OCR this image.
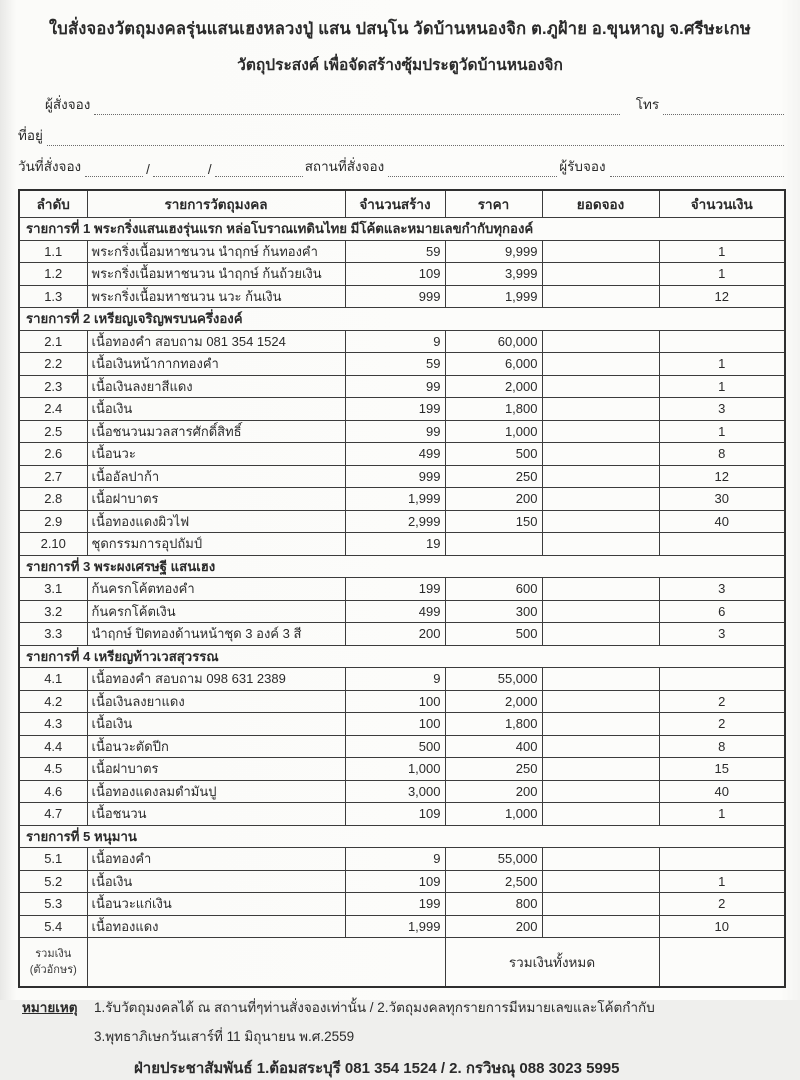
ใบสั่งจองวัตถุมงคลรุ่นแสนเฮงหลวงปู่ แสน ปสนฺโน วัดบ้านหนองจิก ต.ภูฝ้าย อ.ขุนหาญ จ.ศรีษะเกษ
วัตถุประสงค์ เพื่อจัดสร้างซุ้มประตูวัดบ้านหนองจิก
ผู้สั่งจอง	โทร
ที่อยู่
วันที่สั่งจอง	/	/	สถานที่สั่งจอง	ผู้รับจอง
ลำดับ	รายการวัตถุมงคล	จำนวนสร้าง	ราคา	ยอดจอง	จำนวนเงิน
รายการที่ 1 พระกริ่งแสนเฮงรุ่นแรก หล่อโบราณเทดินไทย มีโค้ตและหมายเลขกำกับทุกองค์					
1.1	พระกริ่งเนื้อมหาชนวน นำฤกษ์ ก้นทองคำ	59	9,999		1
1.2	พระกริ่งเนื้อมหาชนวน นำฤกษ์ ก้นถ้วยเงิน	109	3,999		1
1.3	พระกริ่งเนื้อมหาชนวน นวะ ก้นเงิน	999	1,999		12
รายการที่ 2 เหรียญเจริญพรบนครึ่งองค์					
2.1	เนื้อทองคำ สอบถาม 081 354 1524	9	60,000		
2.2	เนื้อเงินหน้ากากทองคำ	59	6,000		1
2.3	เนื้อเงินลงยาสีแดง	99	2,000		1
2.4	เนื้อเงิน	199	1,800		3
2.5	เนื้อชนวนมวลสารศักดิ์สิทธิ์	99	1,000		1
2.6	เนื้อนวะ	499	500		8
2.7	เนื้ออัลปาก้า	999	250		12
2.8	เนื้อฝาบาตร	1,999	200		30
2.9	เนื้อทองแดงผิวไฟ	2,999	150		40
2.10	ชุดกรรมการอุปถัมป์	19			
รายการที่ 3 พระผงเศรษฐี แสนเฮง					
3.1	ก้นครกโค้ตทองคำ	199	600		3
3.2	ก้นครกโค้ตเงิน	499	300		6
3.3	นำฤกษ์ ปิดทองด้านหน้าชุด 3 องค์ 3 สี	200	500		3
รายการที่ 4 เหรียญท้าวเวสสุวรรณ					
4.1	เนื้อทองคำ สอบถาม 098 631 2389	9	55,000		
4.2	เนื้อเงินลงยาแดง	100	2,000		2
4.3	เนื้อเงิน	100	1,800		2
4.4	เนื้อนวะตัดปีก	500	400		8
4.5	เนื้อฝาบาตร	1,000	250		15
4.6	เนื้อทองแดงลมดำมันปู	3,000	200		40
4.7	เนื้อชนวน	109	1,000		1
รายการที่ 5 หนุมาน					
5.1	เนื้อทองคำ	9	55,000		
5.2	เนื้อเงิน	109	2,500		1
5.3	เนื้อนวะแก่เงิน	199	800		2
5.4	เนื้อทองแดง	1,999	200		10
รวมเงิน
(ตัวอักษร)			รวมเงินทั้งหมด		
หมายเหตุ	1.รับวัตถุมงคลได้ ณ สถานที่ๆท่านสั่งจองเท่านั้น / 2.วัตถุมงคลทุกรายการมีหมายเลขและโค้ตกำกับ
3.พุทธาภิเษกวันเสาร์ที่ 11 มิถุนายน พ.ศ.2559
ฝ่ายประชาสัมพันธ์ 1.ต้อมสระบุรี 081 354 1524 / 2. กรวิษณุ 088 3023 5995
